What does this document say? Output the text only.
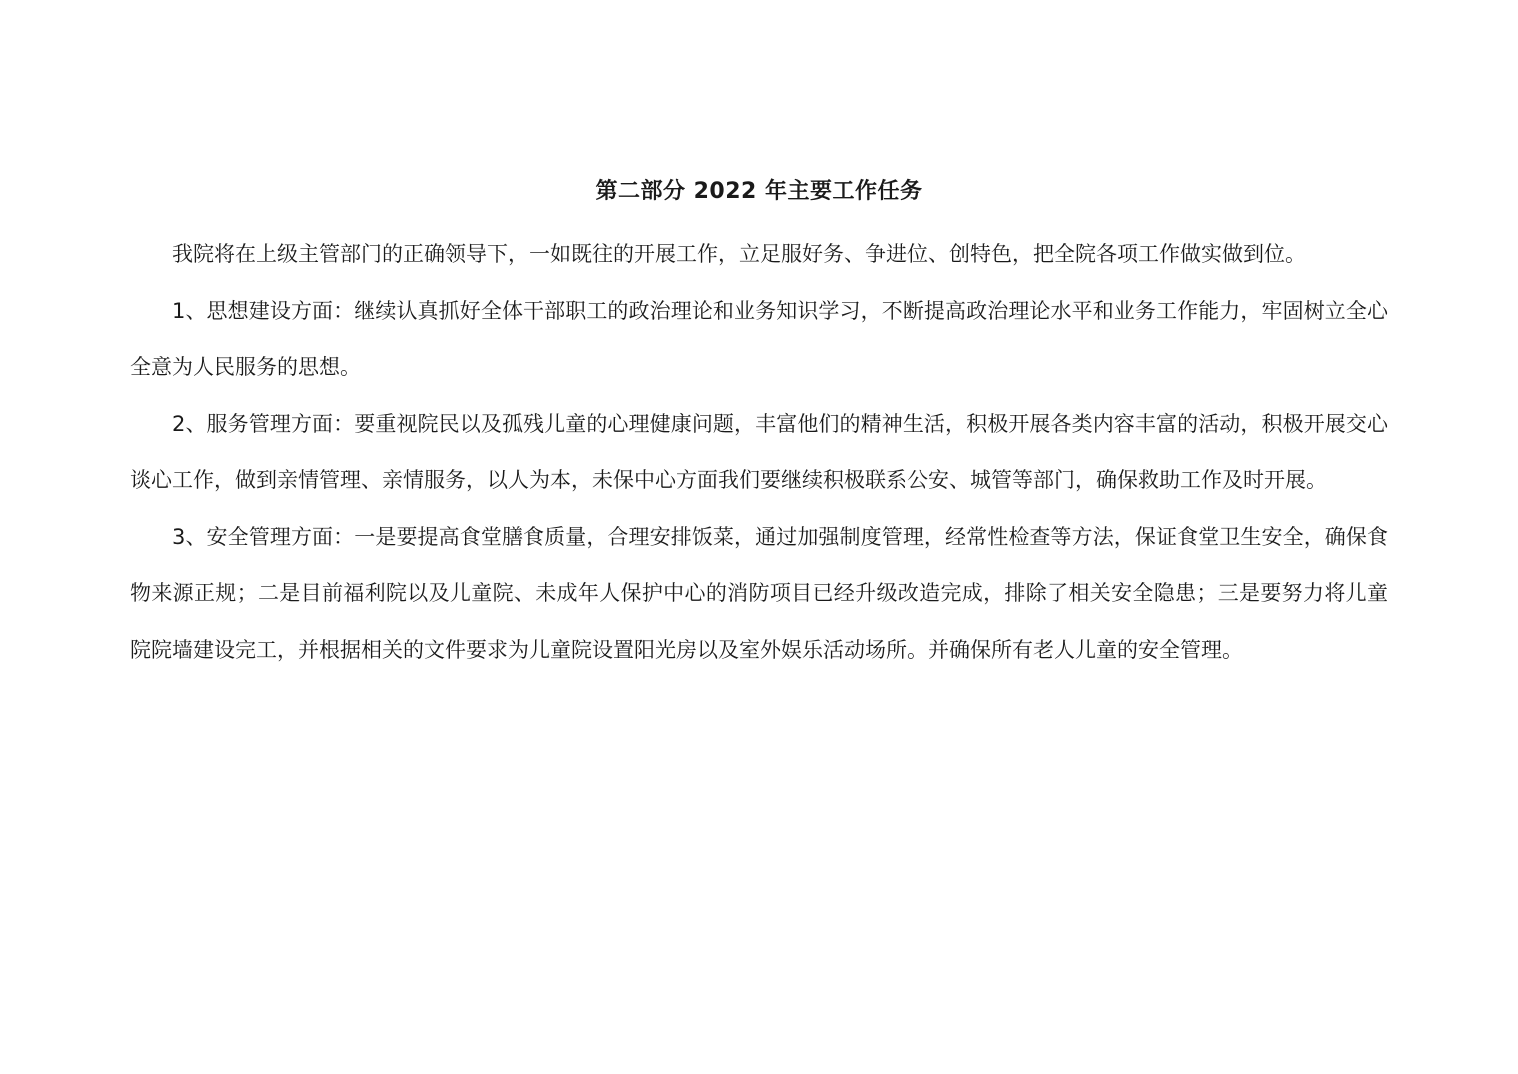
第二部分 2022 年主要工作任务

我院将在上级主管部门的正确领导下，一如既往的开展工作，立足服好务、争进位、创特色，把全院各项工作做实做到位。

1、思想建设方面：继续认真抓好全体干部职工的政治理论和业务知识学习，不断提高政治理论水平和业务工作能力，牢固树立全心全意为人民服务的思想。

2、服务管理方面：要重视院民以及孤残儿童的心理健康问题，丰富他们的精神生活，积极开展各类内容丰富的活动，积极开展交心谈心工作，做到亲情管理、亲情服务，以人为本，未保中心方面我们要继续积极联系公安、城管等部门，确保救助工作及时开展。

3、安全管理方面：一是要提高食堂膳食质量，合理安排饭菜，通过加强制度管理，经常性检查等方法，保证食堂卫生安全，确保食物来源正规；二是目前福利院以及儿童院、未成年人保护中心的消防项目已经升级改造完成，排除了相关安全隐患；三是要努力将儿童院院墙建设完工，并根据相关的文件要求为儿童院设置阳光房以及室外娱乐活动场所。并确保所有老人儿童的安全管理。
